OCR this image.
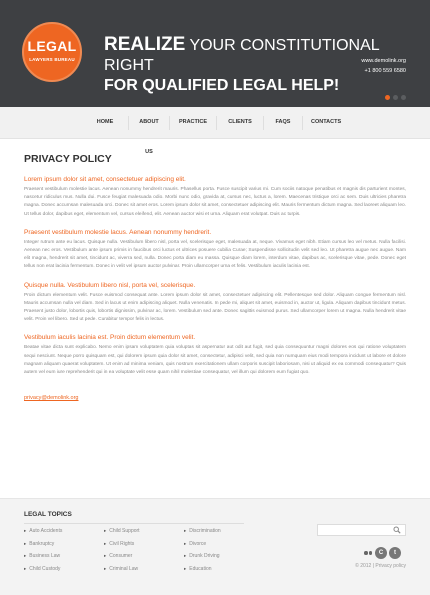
LEGAL
LAWYERS BUREAU
REALIZE YOUR CONSTITUTIONAL RIGHT
FOR QUALIFIED LEGAL HELP!
www.demolink.org
+1 800 559 6580
HOME	ABOUT US
PRACTICE	CLIENTS	FAQS	CONTACTS
PRIVACY POLICY
Lorem ipsum dolor sit amet, consectetuer adipiscing elit.

Praesent vestibulum molestie lacus. Aenean nonummy hendrerit mauris. Phasellus porta. Fusce suscipit varius mi. Cum sociis natoque penatibus et magnis dis parturient montes, nascetur ridiculus mus. Nulla dui. Fusce feugiat malesuada odio. Morbi nunc odio, gravida at, cursus nec, luctus a, lorem. Maecenas tristique orci ac sem. Duis ultricies pharetra magna. Donec accumsan malesuada orci. Donec sit amet eros. Lorem ipsum dolor sit amet, consectetuer adipiscing elit. Mauris fermentum dictum magna. Sed laoreet aliquam leo. Ut tellus dolor, dapibus eget, elementum vel, cursus eleifend, elit. Aenean auctor wisi et urna. Aliquam erat volutpat. Duis ac turpis.

Praesent vestibulum molestie lacus. Aenean nonummy hendrerit.

Integer rutrum ante eu lacus. Quisque nulla. Vestibulum libero nisl, porta vel, scelerisque eget, malesuada at, neque. Vivamus eget nibh. Etiam cursus leo vel metus. Nulla facilisi. Aenean nec eros. Vestibulum ante ipsum primis in faucibus orci luctus et ultrices posuere cubilia Curae; Suspendisse sollicitudin velit sed leo. Ut pharetra augue nec augue. Nam elit magna, hendrerit sit amet, tincidunt ac, viverra sed, nulla. Donec porta diam eu massa. Quisque diam lorem, interdum vitae, dapibus ac, scelerisque vitae, pede. Donec eget tellus non erat lacinia fermentum. Donec in velit vel ipsum auctor pulvinar. Proin ullamcorper urna et felis. Vestibulum iaculis lacinia est.

Quisque nulla. Vestibulum libero nisl, porta vel, scelerisque.

Proin dictum elementum velit. Fusce euismod consequat ante. Lorem ipsum dolor sit amet, consectetuer adipiscing elit. Pellentesque sed dolor. Aliquam congue fermentum nisl. Mauris accumsan nulla vel diam. Sed in lacus ut enim adipiscing aliquet. Nulla venenatis. In pede mi, aliquet sit amet, euismod in, auctor ut, ligula. Aliquam dapibus tincidunt metus. Praesent justo dolor, lobortis quis, lobortis dignissim, pulvinar ac, lorem. Vestibulum sed ante. Donec sagittis euismod purus. Sed ullamcorper lorem ut magna. Nulla hendrerit vitae velit. Proin vel libero. Sed ut pede. Curabitur tempor felis in lectus.

Vestibulum iaculis lacinia est. Proin dictum elementum velit.

Beatae vitae dicta sunt explicabo. Nemo enim ipsam voluptatem quia voluptas sit aspernatur aut odit aut fugit, sed quia consequuntur magni dolores eos qui ratione voluptatem sequi nesciunt. Neque porro quisquam est, qui dolorem ipsum quia dolor sit amet, consectetur, adipisci velit, sed quia non numquam eius modi tempora incidunt ut labore et dolore magnam aliquam quaerat voluptatem. Ut enim ad minima veniam, quis nostrum exercitationem ullam corporis suscipit laboriosam, nisi ut aliquid ex ea commodi consequatur? Quis autem vel eum iure reprehenderit qui in ea voluptate velit esse quam nihil molestiae consequatur, vel illum qui dolorem eum fugiat quo.

privacy@demolink.org
LEGAL TOPICS
▸ Auto Accidents
▸ Bankruptcy
▸ Business Law
▸ Child Custody
▸ Child Support
▸ Civil Rights
▸ Consumer
▸ Criminal Law
▸ Discrimination
▸ Divorce
▸ Drunk Driving
▸ Education
C	t
© 2012 | Privacy policy
